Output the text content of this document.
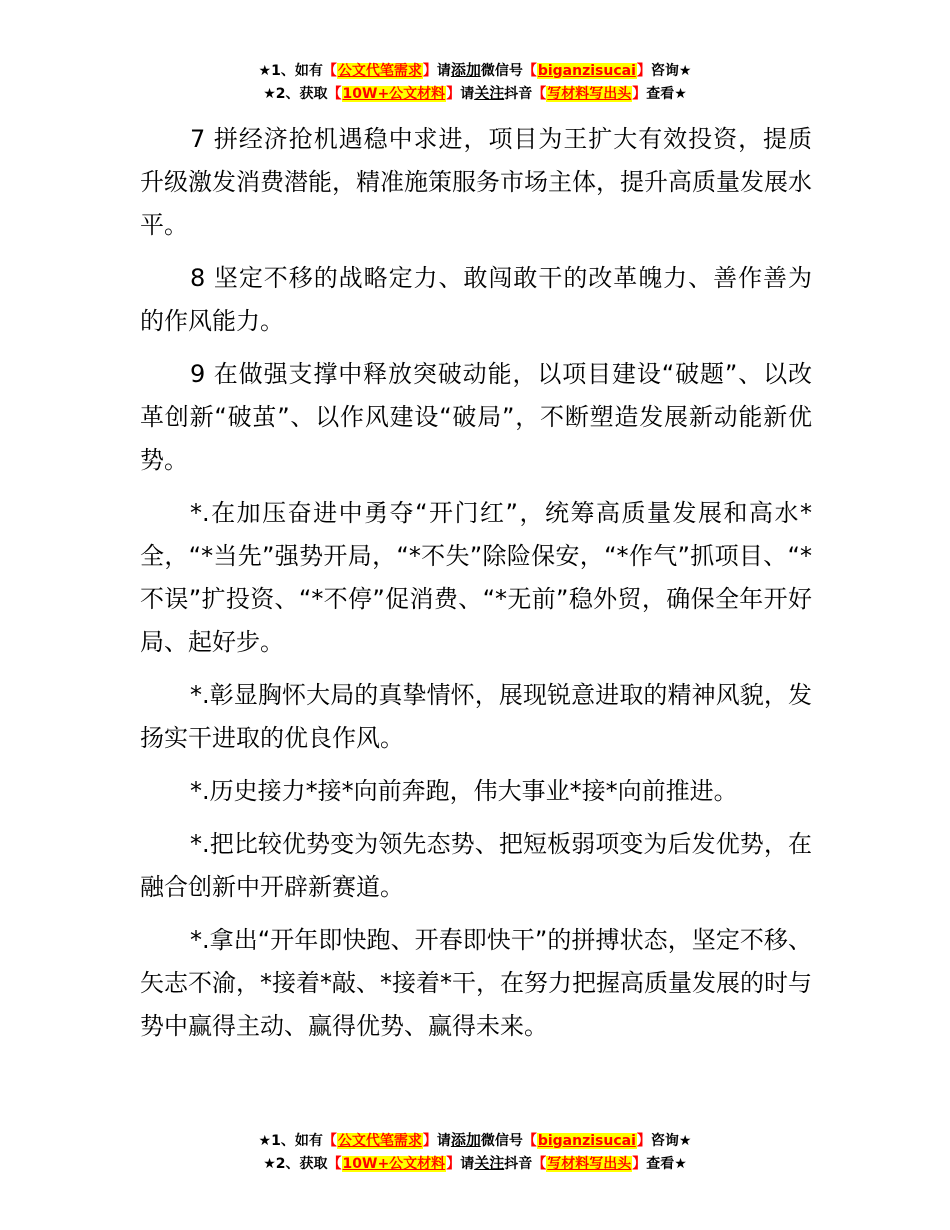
★1、如有【公文代笔需求】请添加微信号【biganzisucai】咨询★
★2、获取【10W+公文材料】请关注抖音【写材料写出头】查看★

7 拼经济抢机遇稳中求进，项目为王扩大有效投资，提质升级激发消费潜能，精准施策服务市场主体，提升高质量发展水平。

8 坚定不移的战略定力、敢闯敢干的改革魄力、善作善为的作风能力。

9 在做强支撑中释放突破动能，以项目建设“破题”、以改革创新“破茧”、以作风建设“破局”，不断塑造发展新动能新优势。

*.在加压奋进中勇夺“开门红”，统筹高质量发展和高水*全，“*当先”强势开局，“*不失”除险保安，“*作气”抓项目、“*不误”扩投资、“*不停”促消费、“*无前”稳外贸，确保全年开好局、起好步。

*.彰显胸怀大局的真挚情怀，展现锐意进取的精神风貌，发扬实干进取的优良作风。

*.历史接力*接*向前奔跑，伟大事业*接*向前推进。

*.把比较优势变为领先态势、把短板弱项变为后发优势，在融合创新中开辟新赛道。

*.拿出“开年即快跑、开春即快干”的拼搏状态，坚定不移、矢志不渝，*接着*敲、*接着*干，在努力把握高质量发展的时与势中赢得主动、赢得优势、赢得未来。

★1、如有【公文代笔需求】请添加微信号【biganzisucai】咨询★
★2、获取【10W+公文材料】请关注抖音【写材料写出头】查看★
